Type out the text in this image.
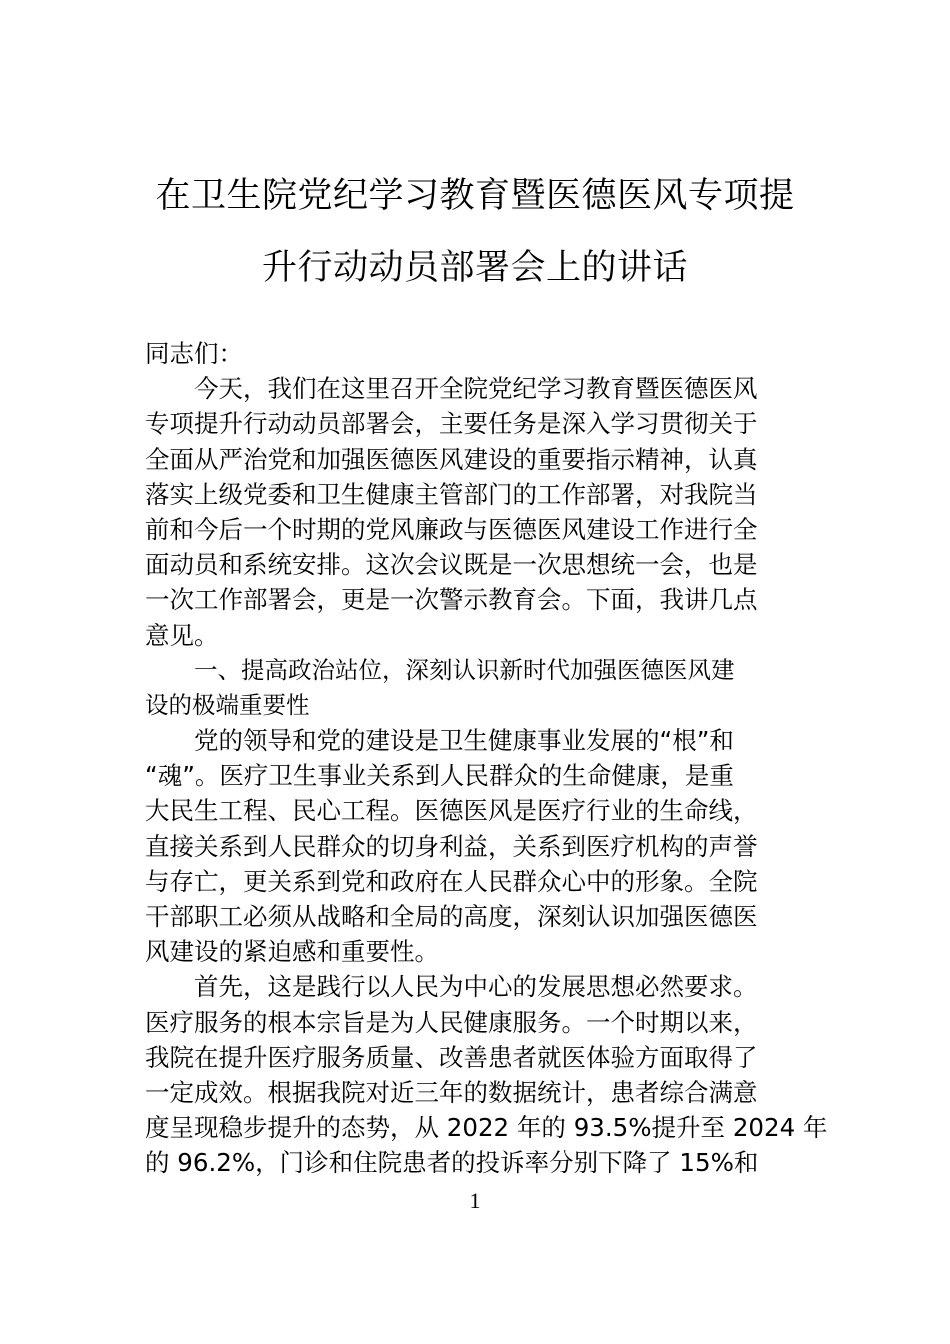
在卫生院党纪学习教育暨医德医风专项提
升行动动员部署会上的讲话
同志们：
今天，我们在这里召开全院党纪学习教育暨医德医风
专项提升行动动员部署会，主要任务是深入学习贯彻关于
全面从严治党和加强医德医风建设的重要指示精神，认真
落实上级党委和卫生健康主管部门的工作部署，对我院当
前和今后一个时期的党风廉政与医德医风建设工作进行全
面动员和系统安排。这次会议既是一次思想统一会，也是
一次工作部署会，更是一次警示教育会。下面，我讲几点
意见。
一、提高政治站位，深刻认识新时代加强医德医风建
设的极端重要性
党的领导和党的建设是卫生健康事业发展的“根”和
“魂”。医疗卫生事业关系到人民群众的生命健康，是重
大民生工程、民心工程。医德医风是医疗行业的生命线，
直接关系到人民群众的切身利益，关系到医疗机构的声誉
与存亡，更关系到党和政府在人民群众心中的形象。全院
干部职工必须从战略和全局的高度，深刻认识加强医德医
风建设的紧迫感和重要性。
首先，这是践行以人民为中心的发展思想必然要求。
医疗服务的根本宗旨是为人民健康服务。一个时期以来，
我院在提升医疗服务质量、改善患者就医体验方面取得了
一定成效。根据我院对近三年的数据统计，患者综合满意
度呈现稳步提升的态势，从 2022 年的 93.5%提升至 2024 年
的 96.2%，门诊和住院患者的投诉率分别下降了 15%和
1
